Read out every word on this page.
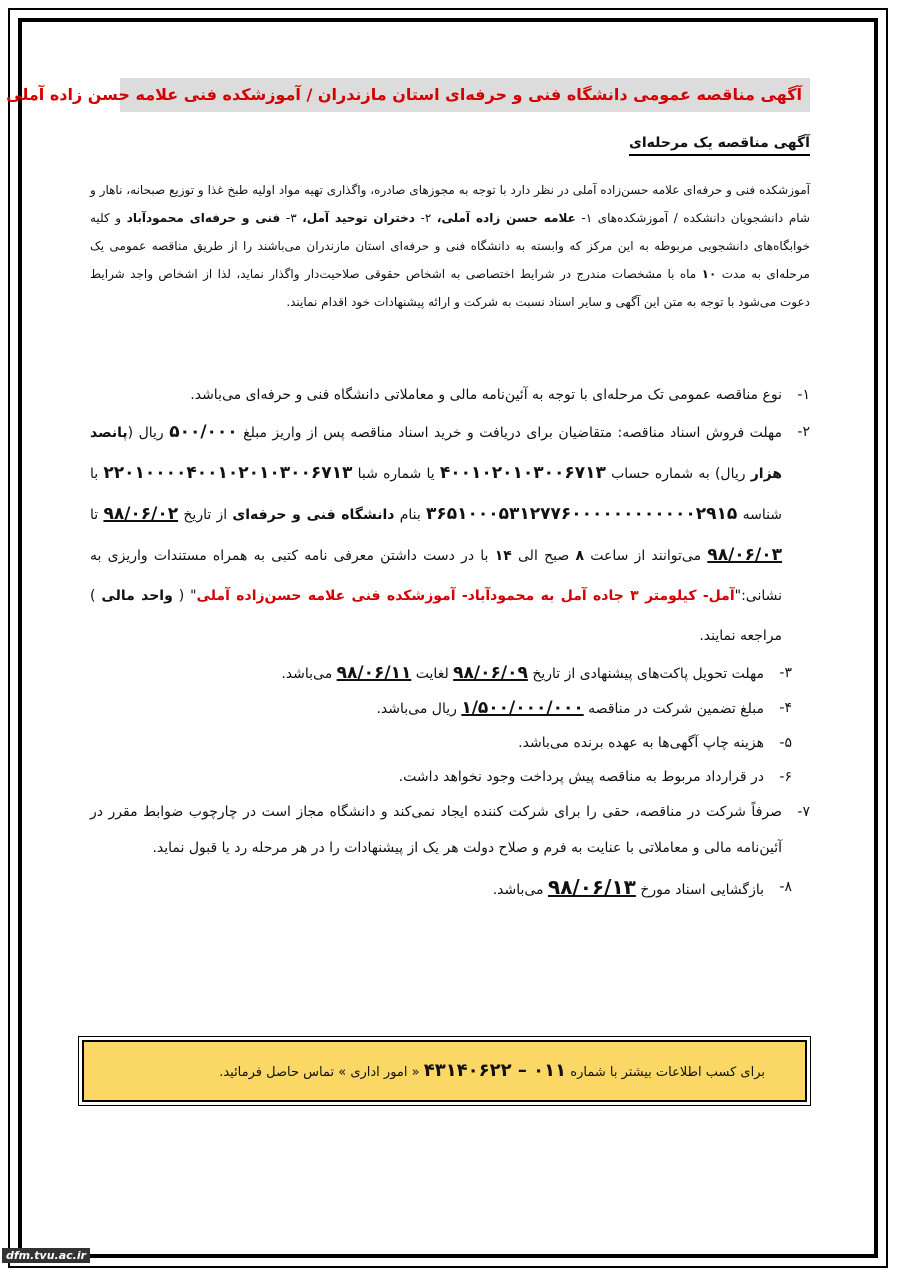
آگهی مناقصه عمومی دانشگاه فنی و حرفه‌ای استان مازندران / آموزشکده فنی علامه حسن زاده آملی
آگهی مناقصه یک مرحله‌ای
آموزشکده فنی و حرفه‌ای علامه حسن‌زاده آملی در نظر دارد با توجه به مجوزهای صادره، واگذاری تهیه مواد اولیه طبخ غذا و توزیع صبحانه، ناهار و شام دانشجویان دانشکده / آموزشکده‌های ۱- علامه حسن زاده آملی، ۲- دختران توحید آمل، ۳- فنی و حرفه‌ای محمودآباد و کلیه خوابگاه‌های دانشجویی مربوطه به این مرکز که وابسته به دانشگاه فنی و حرفه‌ای استان مازندران می‌باشند را از طریق مناقصه عمومی یک مرحله‌ای به مدت ۱۰ ماه با مشخصات مندرج در شرایط اختصاصی به اشخاص حقوقی صلاحیت‌دار واگذار نماید، لذا از اشخاص واجد شرایط دعوت می‌شود با توجه به متن این آگهی و سایر اسناد نسبت به شرکت و ارائه پیشنهادات خود اقدام نمایند.
۱-
نوع مناقصه عمومی تک مرحله‌ای با توجه به آئین‌نامه مالی و معاملاتی دانشگاه فنی و حرفه‌ای می‌باشد.
۲-
مهلت فروش اسناد مناقصه: متقاضیان برای دریافت و خرید اسناد مناقصه پس از واریز مبلغ ۵۰۰/۰۰۰ ریال (پانصد هزار ریال) به شماره حساب ۴۰۰۱۰۲۰۱۰۳۰۰۶۷۱۳ یا شماره شبا ۲۲۰۱۰۰۰۰۴۰۰۱۰۲۰۱۰۳۰۰۶۷۱۳ با شناسه ۳۶۵۱۰۰۰۵۳۱۲۷۷۶۰۰۰۰۰۰۰۰۰۰۰۰۲۹۱۵ بنام دانشگاه فنی و حرفه‌ای از تاریخ ۹۸/۰۶/۰۲ تا ۹۸/۰۶/۰۳ می‌توانند از ساعت ۸ صبح الی ۱۴ با در دست داشتن معرفی نامه کتبی به همراه مستندات واریزی به نشانی:"آمل- کیلومتر ۳ جاده آمل به محمودآباد- آموزشکده فنی علامه حسن‌زاده آملی" ( واحد مالی ) مراجعه نمایند.
۳-
مهلت تحویل پاکت‌های پیشنهادی از تاریخ ۹۸/۰۶/۰۹ لغایت ۹۸/۰۶/۱۱ می‌باشد.
۴-
مبلغ تضمین شرکت در مناقصه ۱/۵۰۰/۰۰۰/۰۰۰ ریال می‌باشد.
۵-
هزینه چاپ آگهی‌ها به عهده برنده می‌باشد.
۶-
در قرارداد مربوط به مناقصه پیش پرداخت وجود نخواهد داشت.
۷-
صرفاً شرکت در مناقصه، حقی را برای شرکت کننده ایجاد نمی‌کند و دانشگاه مجاز است در چارچوب ضوابط مقرر در آئین‌نامه مالی و معاملاتی با عنایت به فرم و صلاح دولت هر یک از پیشنهادات را در هر مرحله رد یا قبول نماید.
۸-
بازگشایی اسناد مورخ ۹۸/۰۶/۱۳ می‌باشد.
برای کسب اطلاعات بیشتر با شماره ۰۱۱ – ۴۳۱۴۰۶۲۲ « امور اداری » تماس حاصل فرمائید.
dfm.tvu.ac.ir
